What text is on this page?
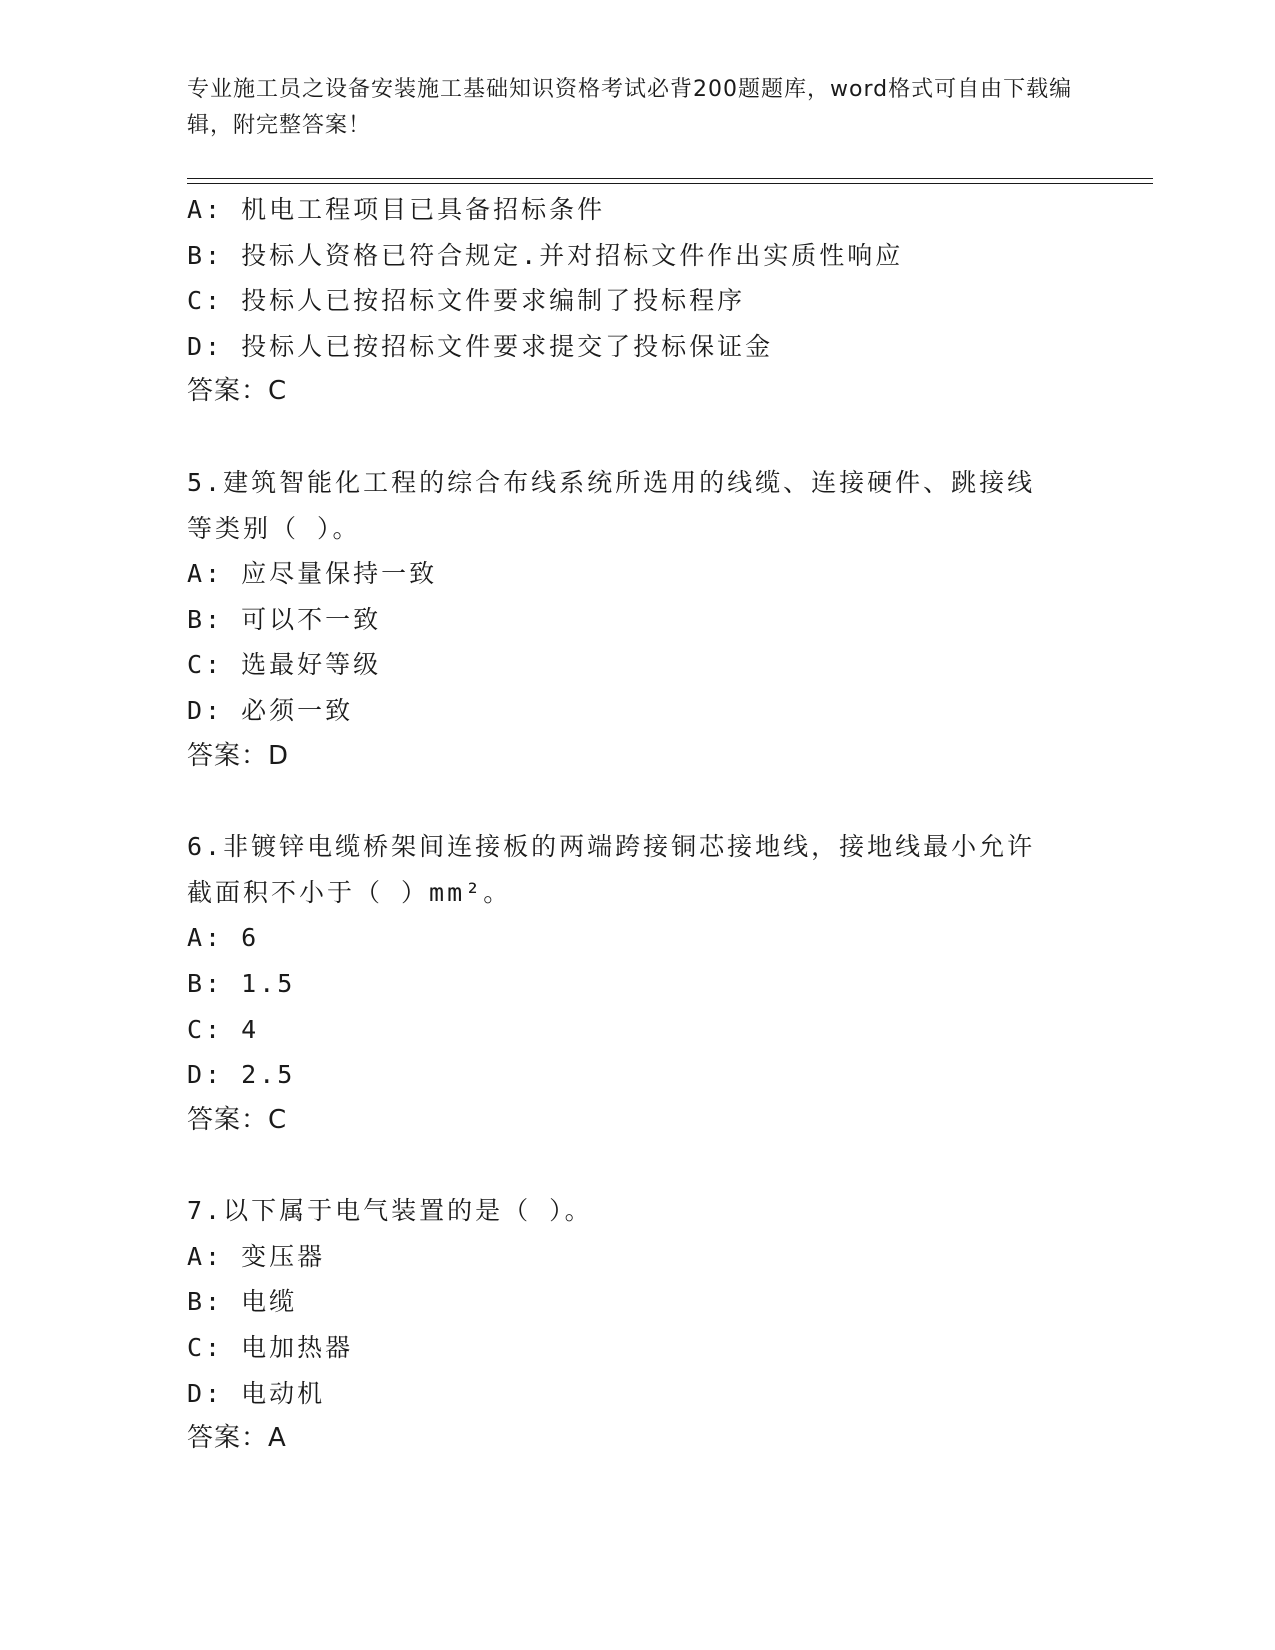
专业施工员之设备安装施工基础知识资格考试必背200题题库，word格式可自由下载编辑，附完整答案！
A: 机电工程项目已具备招标条件
B: 投标人资格已符合规定.并对招标文件作出实质性响应
C: 投标人已按招标文件要求编制了投标程序
D: 投标人已按招标文件要求提交了投标保证金
答案：C
5.建筑智能化工程的综合布线系统所选用的线缆、连接硬件、跳接线
等类别（ ）。
A: 应尽量保持一致
B: 可以不一致
C: 选最好等级
D: 必须一致
答案：D
6.非镀锌电缆桥架间连接板的两端跨接铜芯接地线，接地线最小允许
截面积不小于（ ）mm²。
A: 6
B: 1.5
C: 4
D: 2.5
答案：C
7.以下属于电气装置的是（ ）。
A: 变压器
B: 电缆
C: 电加热器
D: 电动机
答案：A
